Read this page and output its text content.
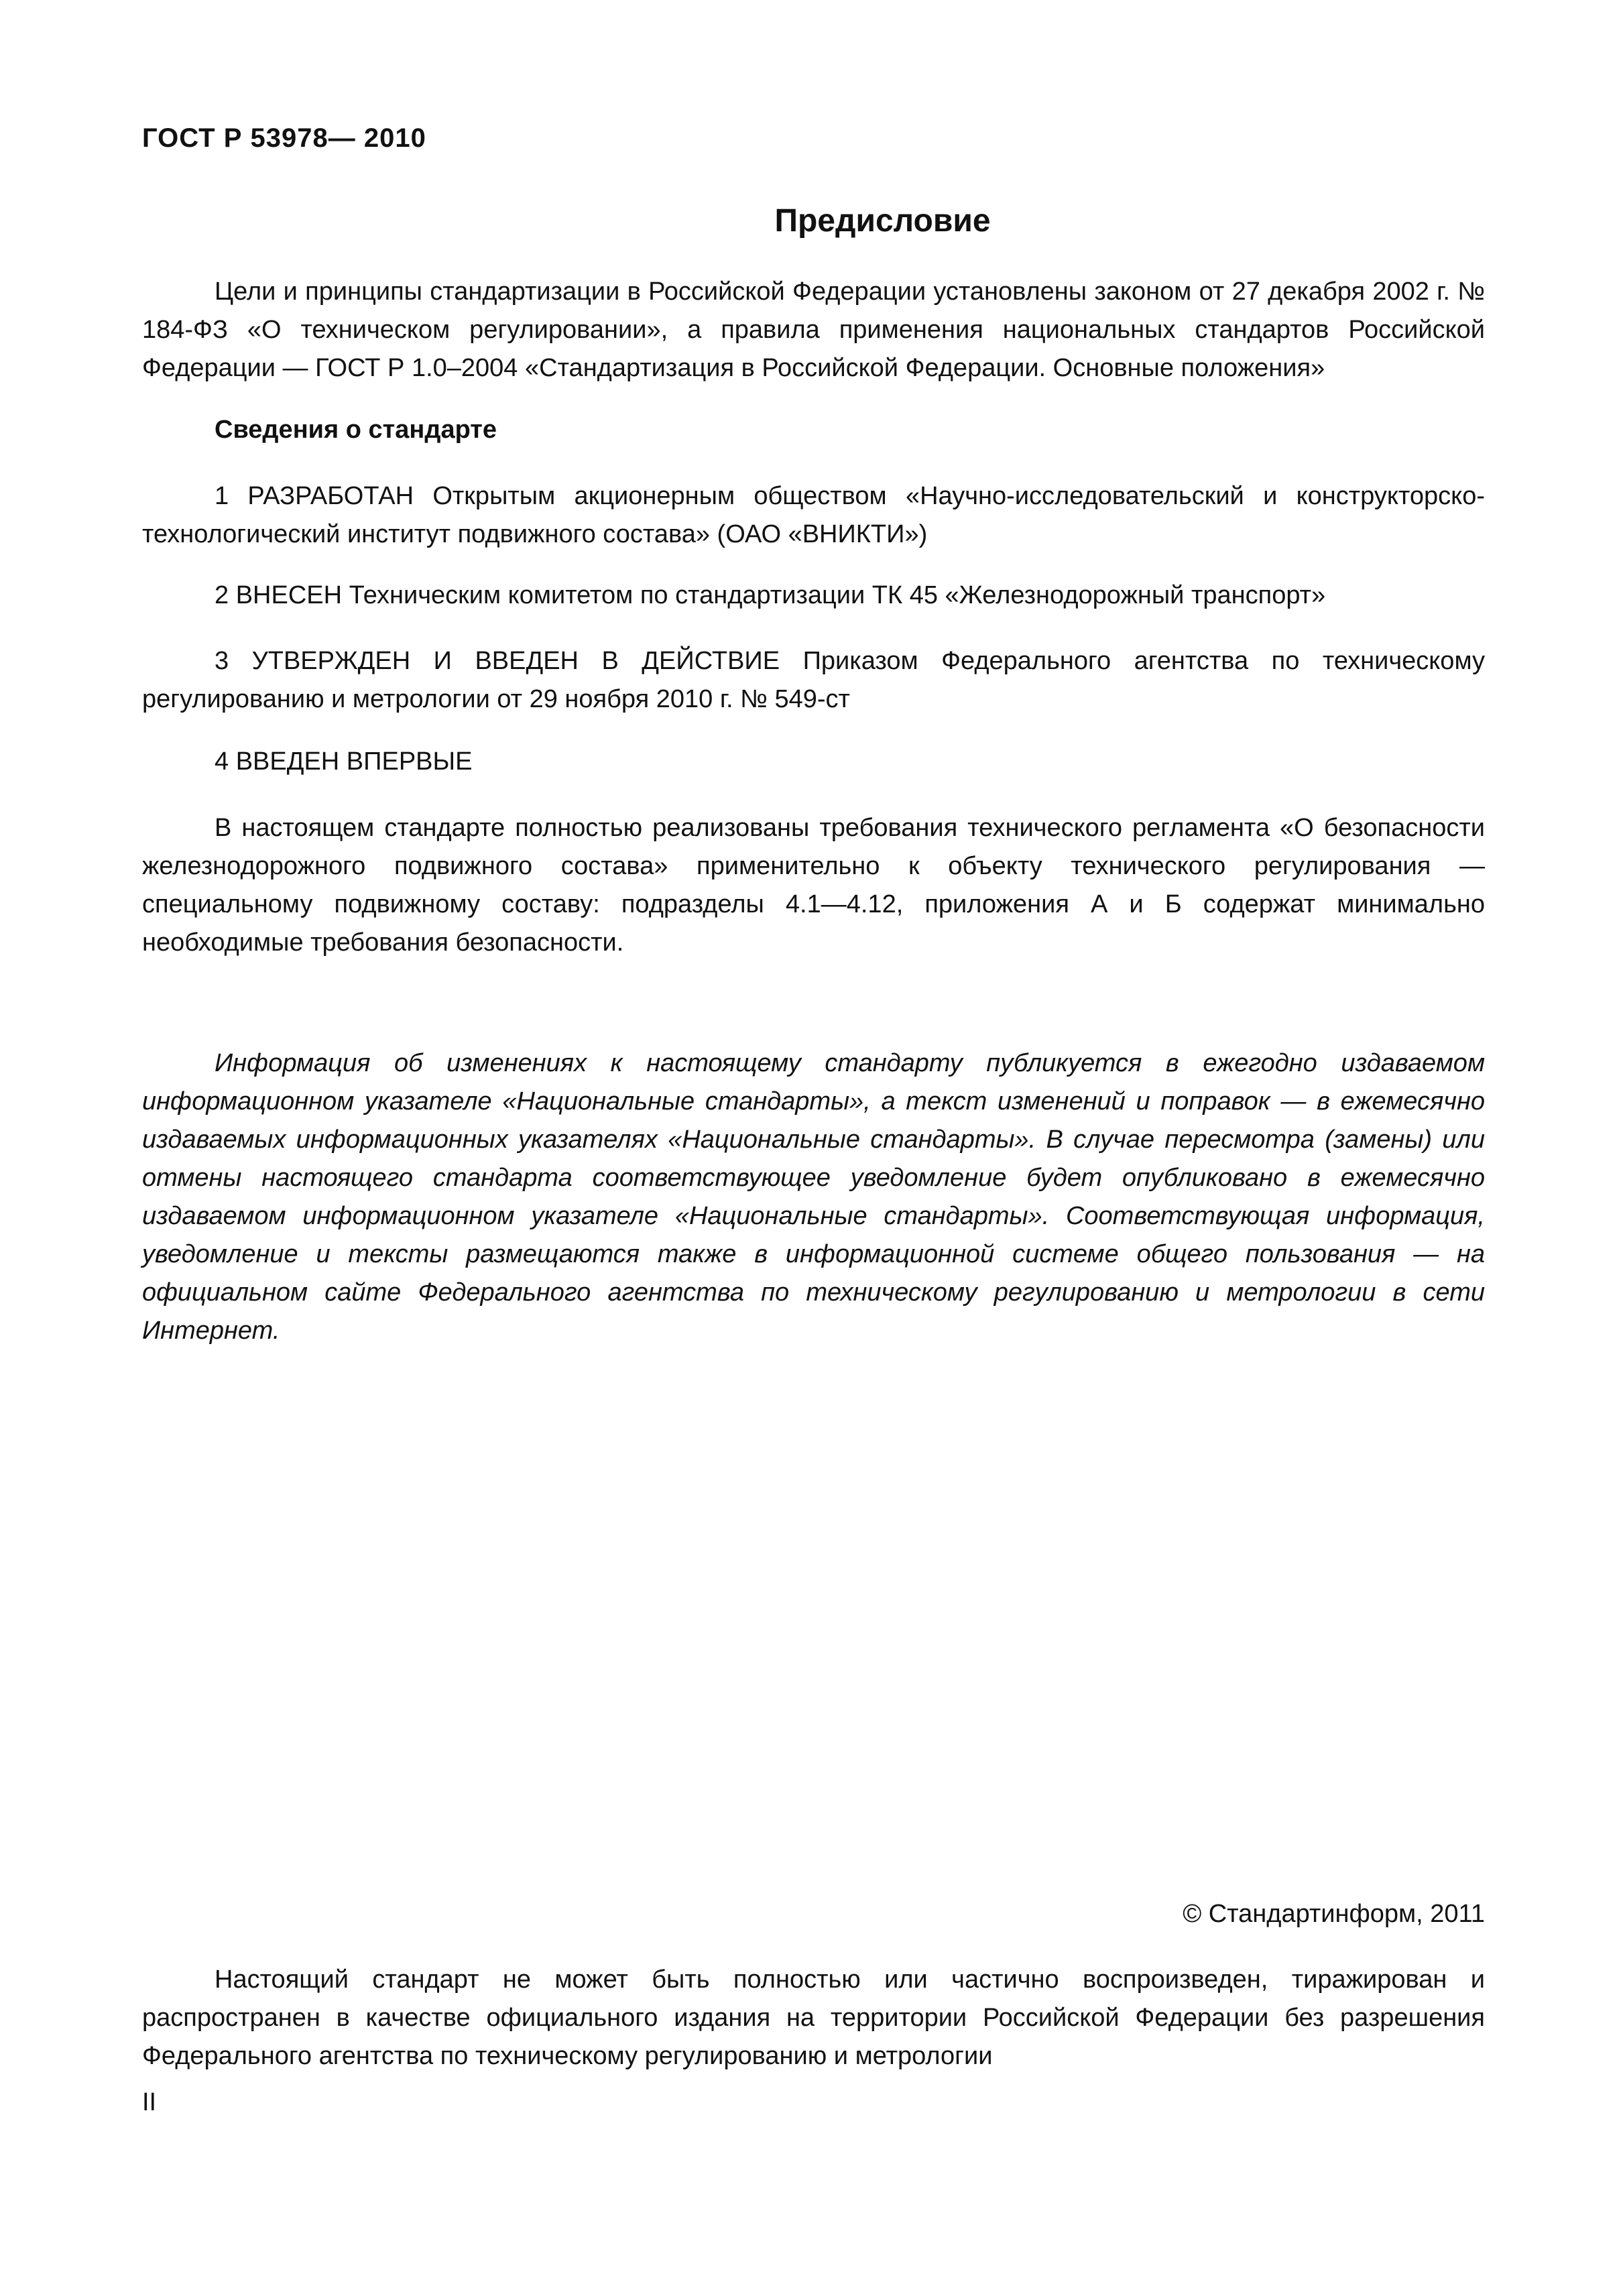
ГОСТ Р 53978— 2010
Предисловие
Цели и принципы стандартизации в Российской Федерации установлены законом от 27 декабря 2002 г. № 184-ФЗ «О техническом регулировании», а правила применения национальных стандартов Российской Федерации — ГОСТ Р 1.0–2004 «Стандартизация в Российской Федерации. Основные положения»
Сведения о стандарте
1 РАЗРАБОТАН Открытым акционерным обществом «Научно-исследовательский и конструкторско-технологический институт подвижного состава» (ОАО «ВНИКТИ»)
2 ВНЕСЕН Техническим комитетом по стандартизации ТК 45 «Железнодорожный транспорт»
3 УТВЕРЖДЕН И ВВЕДЕН В ДЕЙСТВИЕ Приказом Федерального агентства по техническому регулированию и метрологии от 29 ноября 2010 г. № 549-ст
4 ВВЕДЕН ВПЕРВЫЕ
В настоящем стандарте полностью реализованы требования технического регламента «О безопасности железнодорожного подвижного состава» применительно к объекту технического регулирования — специальному подвижному составу: подразделы 4.1—4.12, приложения А и Б содержат минимально необходимые требования безопасности.
Информация об изменениях к настоящему стандарту публикуется в ежегодно издаваемом информационном указателе «Национальные стандарты», а текст изменений и поправок — в ежемесячно издаваемых информационных указателях «Национальные стандарты». В случае пересмотра (замены) или отмены настоящего стандарта соответствующее уведомление будет опубликовано в ежемесячно издаваемом информационном указателе «Национальные стандарты». Соответствующая информация, уведомление и тексты размещаются также в информационной системе общего пользования — на официальном сайте Федерального агентства по техническому регулированию и метрологии в сети Интернет.
© Стандартинформ, 2011
Настоящий стандарт не может быть полностью или частично воспроизведен, тиражирован и распространен в качестве официального издания на территории Российской Федерации без разрешения Федерального агентства по техническому регулированию и метрологии
II
